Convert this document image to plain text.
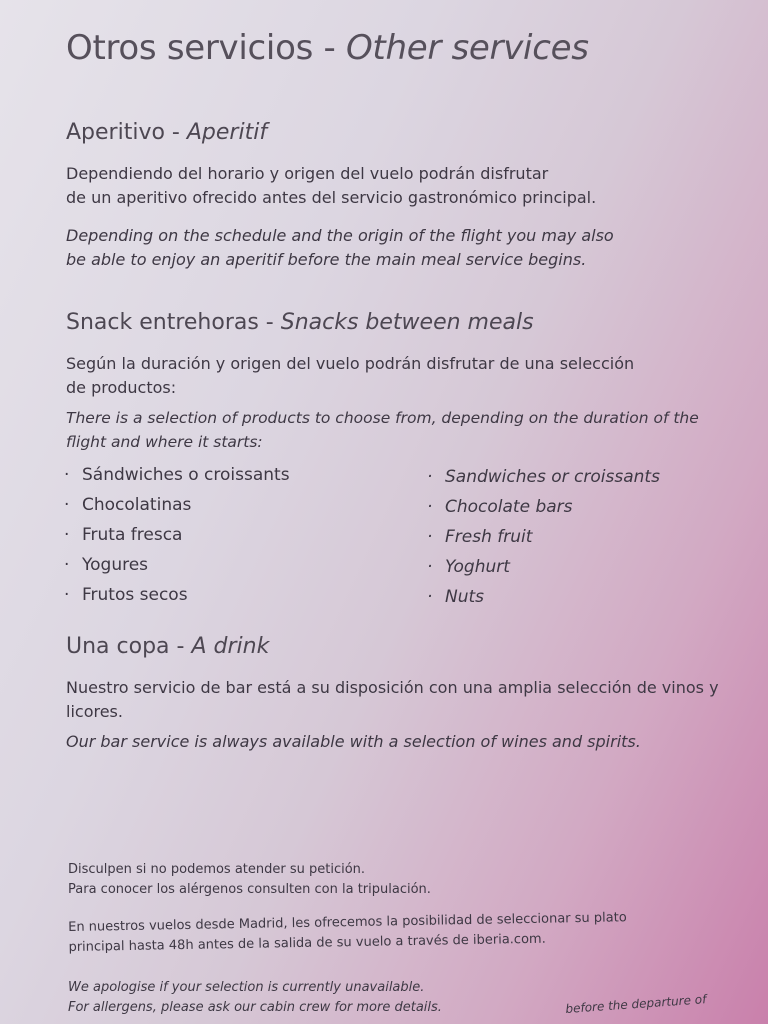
Otros servicios - Other services
Aperitivo - Aperitif

Dependiendo del horario y origen del vuelo podrán disfrutar
de un aperitivo ofrecido antes del servicio gastronómico principal.

Depending on the schedule and the origin of the flight you may also
be able to enjoy an aperitif before the main meal service begins.

Snack entrehoras - Snacks between meals

Según la duración y origen del vuelo podrán disfrutar de una selección
de productos:

There is a selection of products to choose from, depending on the duration of the
flight and where it starts:

· Sándwiches o croissants
· Chocolatinas
· Fruta fresca
· Yogures
· Frutos secos
· Sandwiches or croissants
· Chocolate bars
· Fresh fruit
· Yoghurt
· Nuts
Una copa - A drink

Nuestro servicio de bar está a su disposición con una amplia selección de vinos y
licores.

Our bar service is always available with a selection of wines and spirits.

Disculpen si no podemos atender su petición.
Para conocer los alérgenos consulten con la tripulación.

En nuestros vuelos desde Madrid, les ofrecemos la posibilidad de seleccionar su plato
principal hasta 48h antes de la salida de su vuelo a través de iberia.com.

We apologise if your selection is currently unavailable.
For allergens, please ask our cabin crew for more details.	before the departure of
